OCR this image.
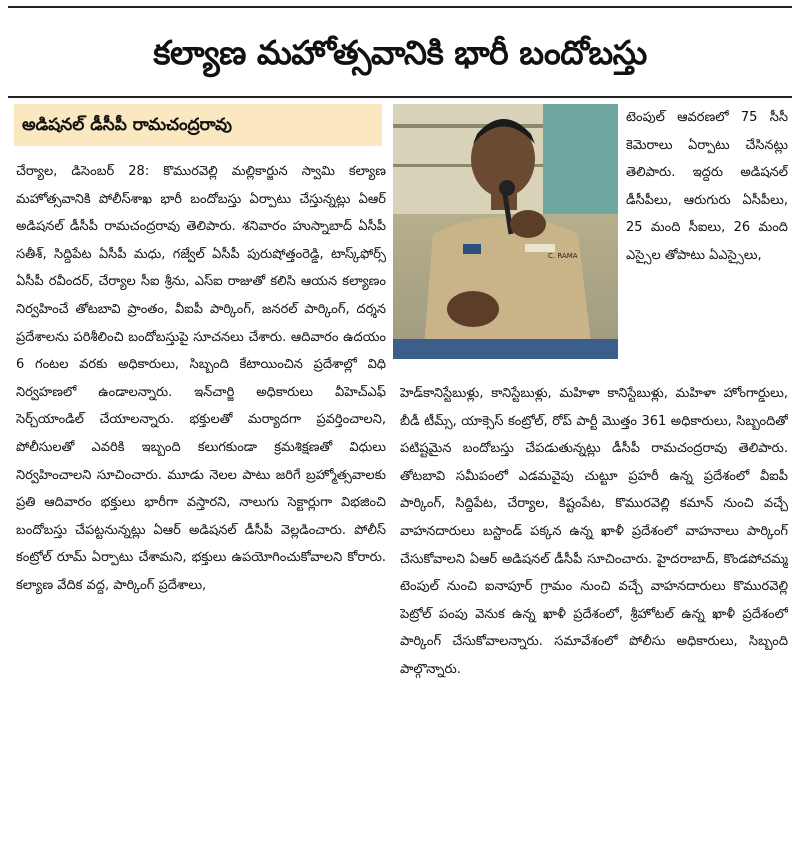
కల్యాణ మహోత్సవానికి భారీ బందోబస్తు
అడిషనల్ డీసీపీ రామచంద్రరావు
C. RAMA
చేర్యాల, డిసెంబర్ 28: కొమురవెల్లి మల్లికార్జున స్వామి కల్యాణ మహోత్సవానికి పోలీస్‌శాఖ భారీ బందోబస్తు ఏర్పాటు చేస్తున్నట్లు ఏఆర్ అడిషనల్ డీసీపీ రామచంద్రరావు తెలిపారు. శనివారం హుస్నాబాద్ ఏసీపీ సతీశ్, సిద్దిపేట ఏసీపీ మధు, గజ్వేల్ ఏసీపీ పురుషోత్తంరెడ్డి, టాస్క్‌ఫోర్స్ ఏసీపీ రవీందర్, చేర్యాల సీఐ శ్రీను, ఎస్ఐ రాజుతో కలిసి ఆయన కల్యాణం నిర్వహించే తోటబావి ప్రాంతం, వీఐపీ పార్కింగ్, జనరల్ పార్కింగ్, దర్శన ప్రదేశాలను పరిశీలించి బందోబస్తుపై సూచనలు చేశారు. ఆదివారం ఉదయం 6 గంటల వరకు అధికారులు, సిబ్బంది కేటాయించిన ప్రదేశాల్లో విధి నిర్వహణలో ఉండాలన్నారు. ఇన్‌చార్జి అధికారులు వీహెచ్‌ఎఫ్ సెర్చ్‌యాండిల్ చేయాలన్నారు. భక్తులతో మర్యాదగా ప్రవర్తించాలని, పోలీసులతో ఎవరికి ఇబ్బంది కలుగకుండా క్రమశిక్షణతో విధులు నిర్వహించాలని సూచించారు. మూడు నెలల పాటు జరిగే బ్రహ్మోత్సవాలకు ప్రతి ఆదివారం భక్తులు భారీగా వస్తారని, నాలుగు సెక్టార్లుగా విభజించి బందోబస్తు చేపట్టనున్నట్లు ఏఆర్ అడిషనల్ డీసీపీ వెల్లడించారు. పోలీస్ కంట్రోల్ రూమ్ ఏర్పాటు చేశామని, భక్తులు ఉపయోగించుకోవాలని కోరారు. కల్యాణ వేదిక వద్ద, పార్కింగ్ ప్రదేశాలు,
టెంపుల్ ఆవరణలో 75 సీసీ కెమెరాలు ఏర్పాటు చేసినట్లు తెలిపారు. ఇద్దరు అడిషనల్ డీసీపీలు, ఆరుగురు ఏసీపీలు, 25 మంది సీఐలు, 26 మంది ఎస్సైల తోపాటు ఏఎస్సైలు,
హెడ్‌కానిస్టేబుళ్లు, కానిస్టేబుళ్లు, మహిళా కానిస్టేబుళ్లు, మహిళా హోంగార్డులు, బీడీ టీమ్స్, యాక్సెస్ కంట్రోల్, రోప్ పార్టీ మొత్తం 361 అధికారులు, సిబ్బందితో పటిష్టమైన బందోబస్తు చేపడుతున్నట్లు డీసీపీ రామచంద్రరావు తెలిపారు. తోటబావి సమీపంలో ఎడమవైపు చుట్టూ ప్రహరీ ఉన్న ప్రదేశంలో వీఐపీ పార్కింగ్, సిద్దిపేట, చేర్యాల, కిష్టంపేట, కొమురవెల్లి కమాన్ నుంచి వచ్చే వాహనదారులు బస్టాండ్ పక్కన ఉన్న ఖాళీ ప్రదేశంలో వాహనాలు పార్కింగ్ చేసుకోవాలని ఏఆర్ అడిషనల్ డీసీపీ సూచించారు. హైదరాబాద్, కొండపోచమ్మ టెంపుల్ నుంచి ఐనాపూర్ గ్రామం నుంచి వచ్చే వాహనదారులు కొమురవెల్లి పెట్రోల్ పంపు వెనుక ఉన్న ఖాళీ ప్రదేశంలో, శ్రీహోటల్ ఉన్న ఖాళీ ప్రదేశంలో పార్కింగ్ చేసుకోవాలన్నారు. సమావేశంలో పోలీసు అధికారులు, సిబ్బంది పాల్గొన్నారు.
